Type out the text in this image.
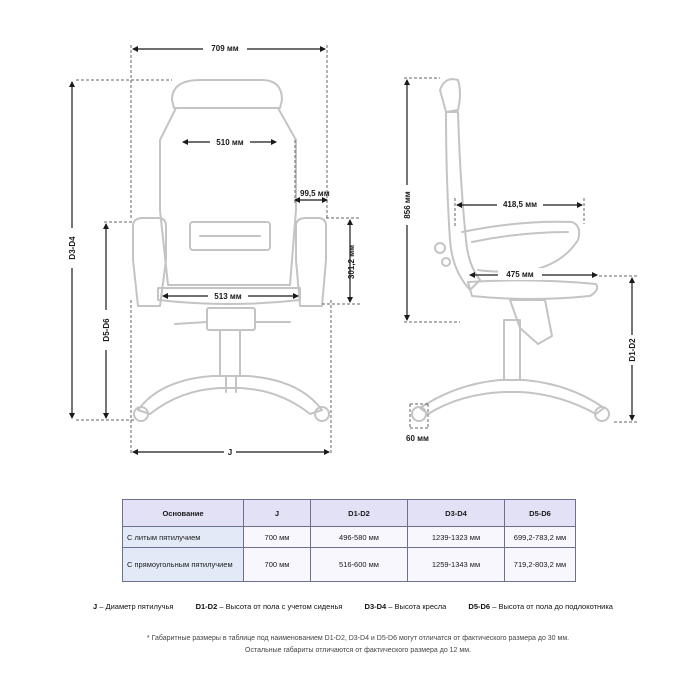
709 мм
510 мм
99,5 мм
301,2 мм
513 мм
D3-D4
D5-D6
J
856 мм	418,5 мм
475 мм
D1-D2
60 мм
Основание	J	D1-D2	D3-D4	D5-D6
С литым пятилучием	700 мм	496-580 мм	1239-1323 мм	699,2-783,2 мм
С прямоугольным пятилучием	700 мм	516-600 мм	1259-1343 мм	719,2-803,2 мм
J – Диаметр пятилучья	D1-D2 – Высота от пола с учетом сиденья	D3-D4 – Высота кресла	D5-D6 – Высота от пола до подлокотника
* Габаритные размеры в таблице под наименованием D1-D2, D3-D4 и D5-D6 могут отличатся от фактического размера до 30 мм.
Остальные габариты отличаются от фактического размера до 12 мм.
